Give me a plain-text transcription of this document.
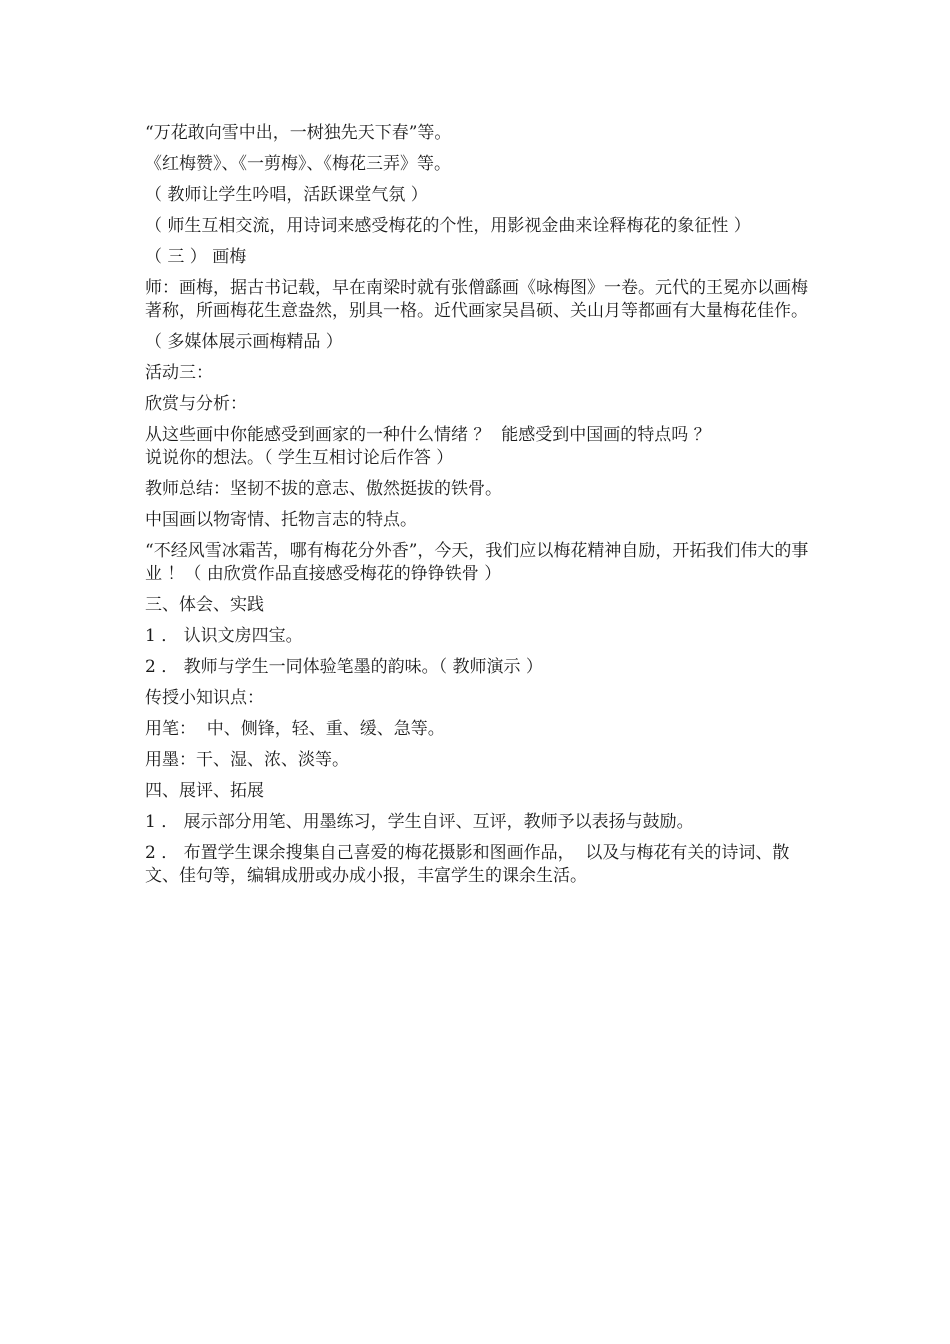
“万花敢向雪中出，一树独先天下春”等。

《红梅赞》、《一剪梅》、《梅花三弄》等。

（ 教师让学生吟唱，活跃课堂气氛 ）

（ 师生互相交流，用诗词来感受梅花的个性，用影视金曲来诠释梅花的象征性 ）

（ 三 ） 画梅

师：画梅，据古书记载，早在南梁时就有张僧繇画《咏梅图》一卷。元代的王冕亦以画梅著称，所画梅花生意盎然，别具一格。近代画家吴昌硕、关山月等都画有大量梅花佳作。

（ 多媒体展示画梅精品 ）

活动三：

欣赏与分析：

从这些画中你能感受到画家的一种什么情绪 ？  能感受到中国画的特点吗 ？
说说你的想法。（ 学生互相讨论后作答 ）

教师总结：坚韧不拔的意志、傲然挺拔的铁骨。

中国画以物寄情、托物言志的特点。

“不经风雪冰霜苦，哪有梅花分外香”，今天，我们应以梅花精神自励，开拓我们伟大的事业 ！（ 由欣赏作品直接感受梅花的铮铮铁骨 ）

三、体会、实践

1 ． 认识文房四宝。

2 ． 教师与学生一同体验笔墨的韵味。（ 教师演示 ）

传授小知识点：

用笔：  中、侧锋，轻、重、缓、急等。

用墨：干、湿、浓、淡等。

四、展评、拓展

1 ． 展示部分用笔、用墨练习，学生自评、互评，教师予以表扬与鼓励。

2 ． 布置学生课余搜集自己喜爱的梅花摄影和图画作品，  以及与梅花有关的诗词、散文、佳句等，编辑成册或办成小报，丰富学生的课余生活。
